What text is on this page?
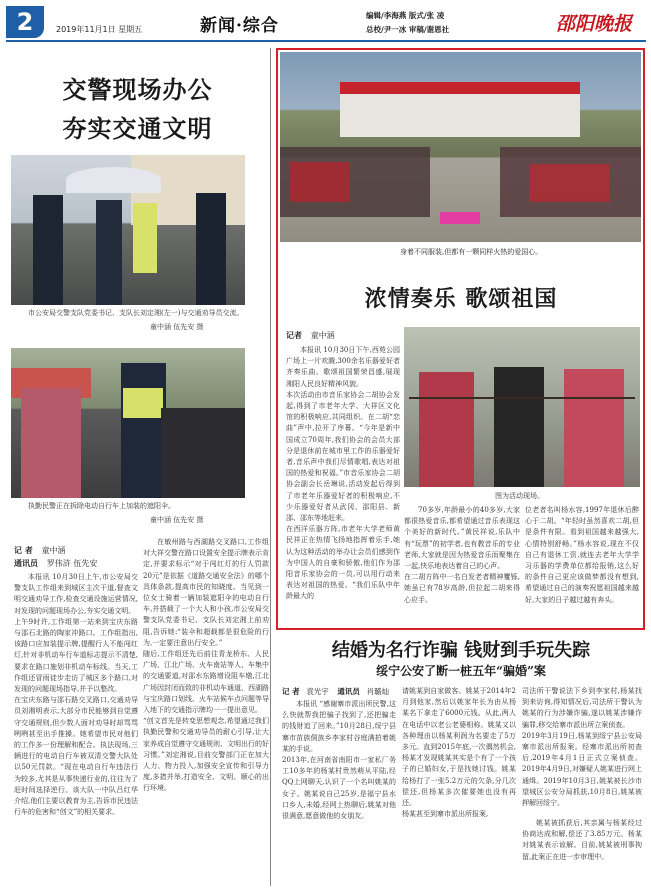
2	2019年11月1日 星期五	新闻·综合
编辑/李海燕 版式/张 凌
总校/尹一冰 审稿/谢恩社	邵阳晚报
交警现场办公
夯实交通文明
市公安局交警支队党委书记、支队长刘定湘(左一)与交通劝导员交流。
童中涵 伍先安 摄
执勤民警正在拆除电动自行车上加装的遮阳伞。
童中涵 伍先安 摄
记 者 童中涵
通讯员 罗伟浒 伍先安
本报讯 10月30日上午,市公安局交警支队工作组来到城区主次干道,督查文明交通劝导工作,检查交通设施运营情况,对发现的问题现场办公,夯实交通文明。
上午9时许,工作组第一站来到宝庆东路与邵石北路的陶家冲路口。工作组指出,该路口应加装提示牌,提醒行人不能闯红灯,针对非机动车行车道标志提示不清楚,要求在路口施划非机动车标线。当天,工作组还冒雨徒步走访了城区多个路口,对发现的问题现场指导,并予以整改。
在宝庆东路与邵石路交叉路口,交通劝导员刘湘明表示,大部分市民能够到自觉遵守交通规则,但少数人面对劝导时却骂骂咧咧甚至出手推搡。她希望市民对他们的工作多一份理解和配合。执法现场,三辆进行的电动自行车被双清交警大队处以50元罚款。“现在电动自行车违法行为较多,尤其是从事快递行业的,往往为了赶时间选择逆行。该大队一中队吕红华介绍,他们主要以教育为主,告诉市民违法行车的危害和“创文”的相关要求。
在敏州路与西湖路交叉路口,工作组对大祥交警在路口设置安全提示牌表示肯定,并要求标示“对于闯红灯的行人罚款20元”是依据《道路交通安全法》的哪个具体条款,提高市民的知晓度。当见到一位女士骑着一辆加装遮阳伞的电动自行车,并搭载了一个大人和小孩,市公安局交警支队党委书记、支队长刘定湘上前劝阻,告诉她:“装伞和超载都是很危险的行为,一定要注意出行安全。”
随后,工作组还先后前往青龙桥东、人民广场、江北广场、火车南站等人、车集中的交通要道,对邵水东路增设阻车墩,江北广场因封闭而致的非机动车通道、西湖路与宝庆路口划线、火车站候车点问题等导入地下的交通指示牌均一一提出意见。
“创文首先是转变思想观念,希望通过我们执勤民警和交通劝导员的耐心引导,让大家养成自觉遵守交通规则、文明出行的好习惯。”刘定湘说,目前交警部门正在加大人力、物力投入,加强安全宣传和引导力度,多措并举,打造安全、文明、顺心的出行环境。
身着不同服装,但都有一颗同样火热的爱国心。
浓情奏乐 歌颂祖国
记者 童中涵
图为活动现场。
本报讯 10月30日下午,西苑公园广场上一片欢腾,300余名乐器爱好者齐奏乐曲、歌颂祖国繁荣昌盛,展现湘阳人民良好精神风貌。
本次活动由市音乐家协会二胡协会发起,得到了市老年大学、大祥区文化馆的积极响应,共同组织。在二胡“恋曲”声中,拉开了序幕。“今年是新中国成立70周年,我们协会的会员大部分是退休前在城市里工作的乐器爱好者,音乐声中我们尽情歌唱,表达对祖国的热爱和祝福。”市音乐家协会二胡协会副会长岳琳说,活动发起后得到了市老年乐器爱好者的积极响应,不少乐器爱好者从武冈、邵阳县、新邵、邵东等地赶来。
在西洋乐器方阵,市老年大学老师黄民祥正在热情飞扬地指挥着乐手,她认为这种活动的举办让会员们感到作为中国人的自豪和骄傲,他们作为邵阳音乐家协会的一员,可以用行动来表达对祖国的热爱。“我们乐队中年龄最大的
70多岁,年龄最小的40多岁,大家都很热爱音乐,都希望通过音乐表现这个美好的新时代。”黄民祥说,乐队中有“玩票”的初学者,也有教音乐的专业老师,大家就是因为热爱音乐而聚集在一起,快乐地表达着自己的心声。
在二胡方阵中一名白发老者精神矍铄,她虽已有78岁高龄,但拉起二胡来得心应手。
位老者名叫杨水容,1997年退休后醉心于二胡。“年轻时虽然喜欢二胡,但是条件有限。看到祖国越来越强大,心情特别舒畅。”杨水容说,现在不仅自己有退休工资,就连去老年大学学习乐器的学费单位都给报销,这么好的条件自己更应该做梦都没有想到,希望通过自己的演奏祝愿祖国越来越好,大家的日子越过越有奔头。
结婚为名行诈骗 钱财到手玩失踪
绥宁公安了断一桩五年“骗婚”案
记 者 袁光宇 通讯员 肖璐灿
本报讯 “感谢寨市派出所民警,这么快就帮我把骗子找到了,还把骗走的钱财追了回来。”10月28日,绥宁县寨市苗族侗族乡李家村谷庭满拍着姚某的手说。
2013年,在河南省南阳市一家私厂务工10多年的杨某村贵然萌从平陆,经QQ上网聊天,认识了一个名叫姚某的女子。姚某说自己25岁,是福宁县水口乡人,未婚,经网上热聊后,姚某对他很满意,愿意做他的女朋友。
请姚某到自家做客。姚某于2014年2月到他家,然后以姚家年长为由从杨某名下拿走了6000元钱。从此,两人在电话中以老公老婆相称。姚某又以各种理由以杨某利润为名要走了5万多元。直到2015年底,一次偶然机会,杨某才发现姚某其实是个有了一个孩子的已婚妇女,于是找她讨钱。姚某给杨打了一张5.2万元的欠条,分几次偿还,但杨某多次催要她也没有再还。
杨某甚至到寨市派出所报案,
司法所干警说法下乡到李家村,杨某找到来访询,得知情况后,司法所干警认为姚某的行为涉嫌诈骗,遂以姚某涉嫌诈骗罪,移交给寨市派出所立案侦查。
2019年3月19日,杨某到绥宁县公安局寨市派出所报案。经寨市派出所初查后,2019年4月1日正式立案侦查。2019年4月9日,对嫌疑人姚某进行网上通缉。2019年10月3日,姚某被长沙市望城区公安分局抓获,10月8日,姚某被押解回绥宁。
姚某被抓获后,其亲属与杨某经过协商达成和解,偿还了3.85万元。杨某对姚某表示谅解。目前,姚某被刑事拘留,此案正在进一步审理中。
